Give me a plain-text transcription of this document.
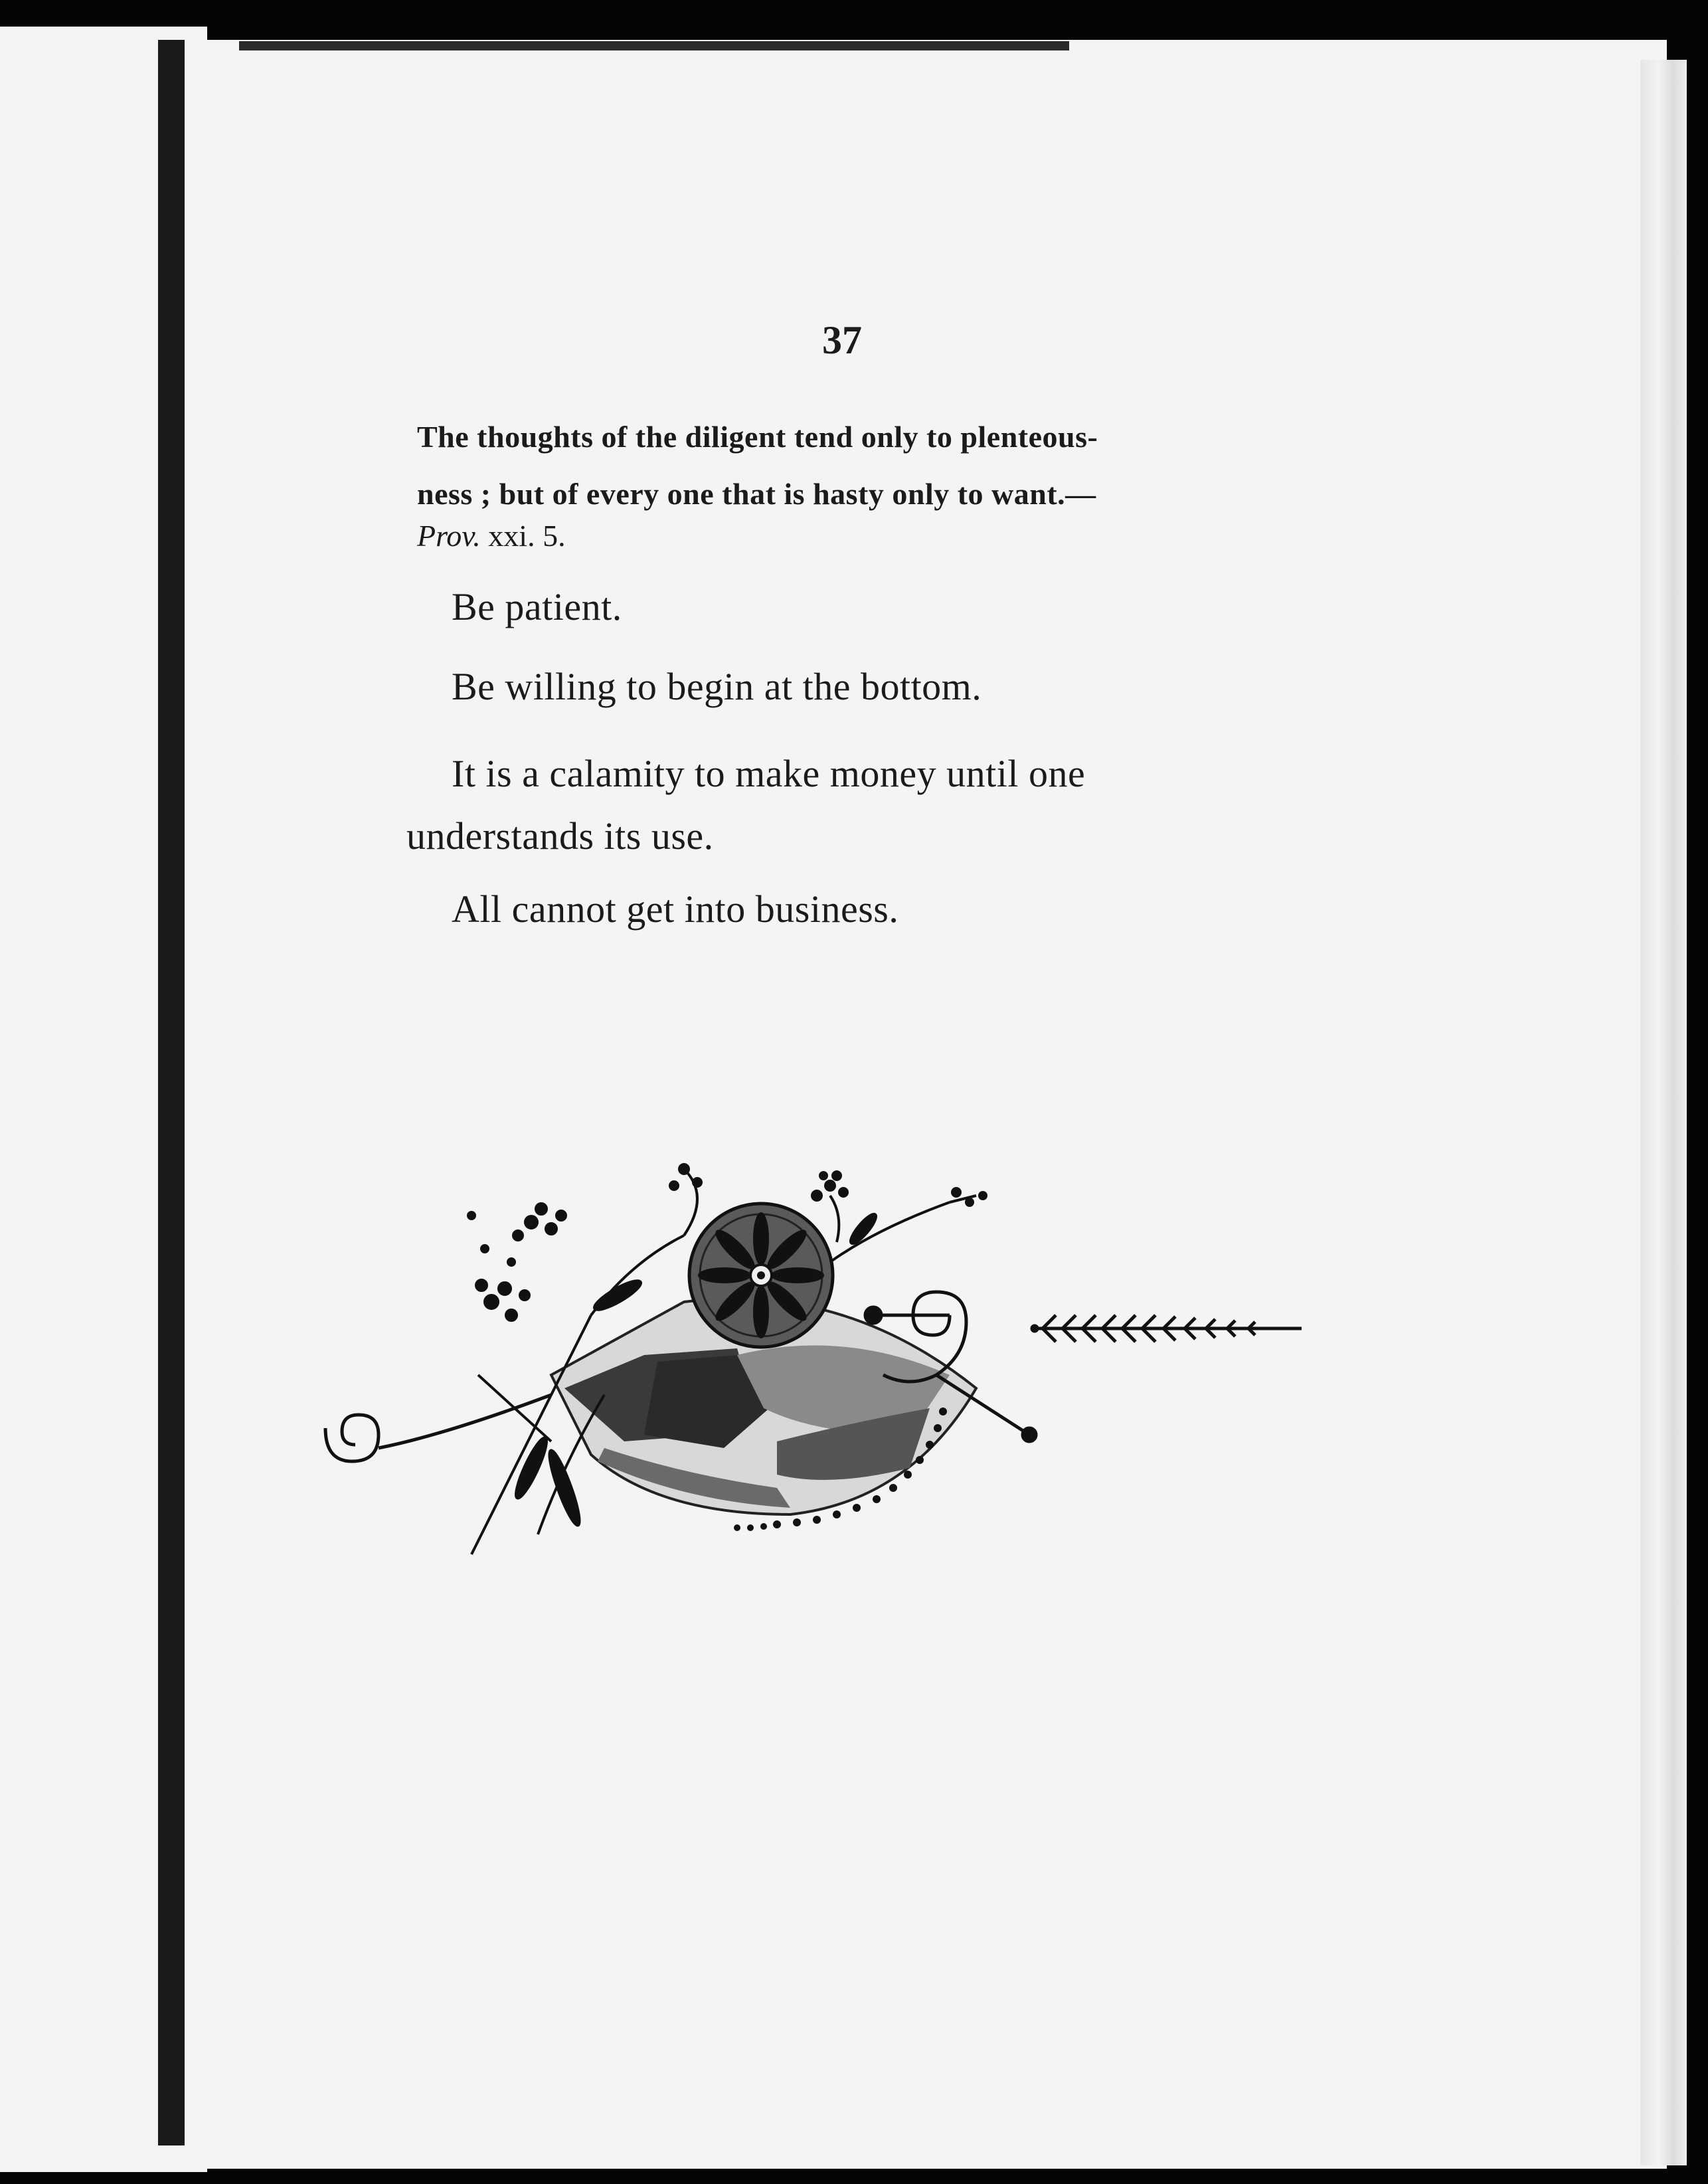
37
The thoughts of the diligent tend only to plenteous-
ness ; but of every one that is hasty only to want.—
Prov. xxi. 5.
Be patient.
Be willing to begin at the bottom.
It is a calamity to make money until one understands its use.
All cannot get into business.
